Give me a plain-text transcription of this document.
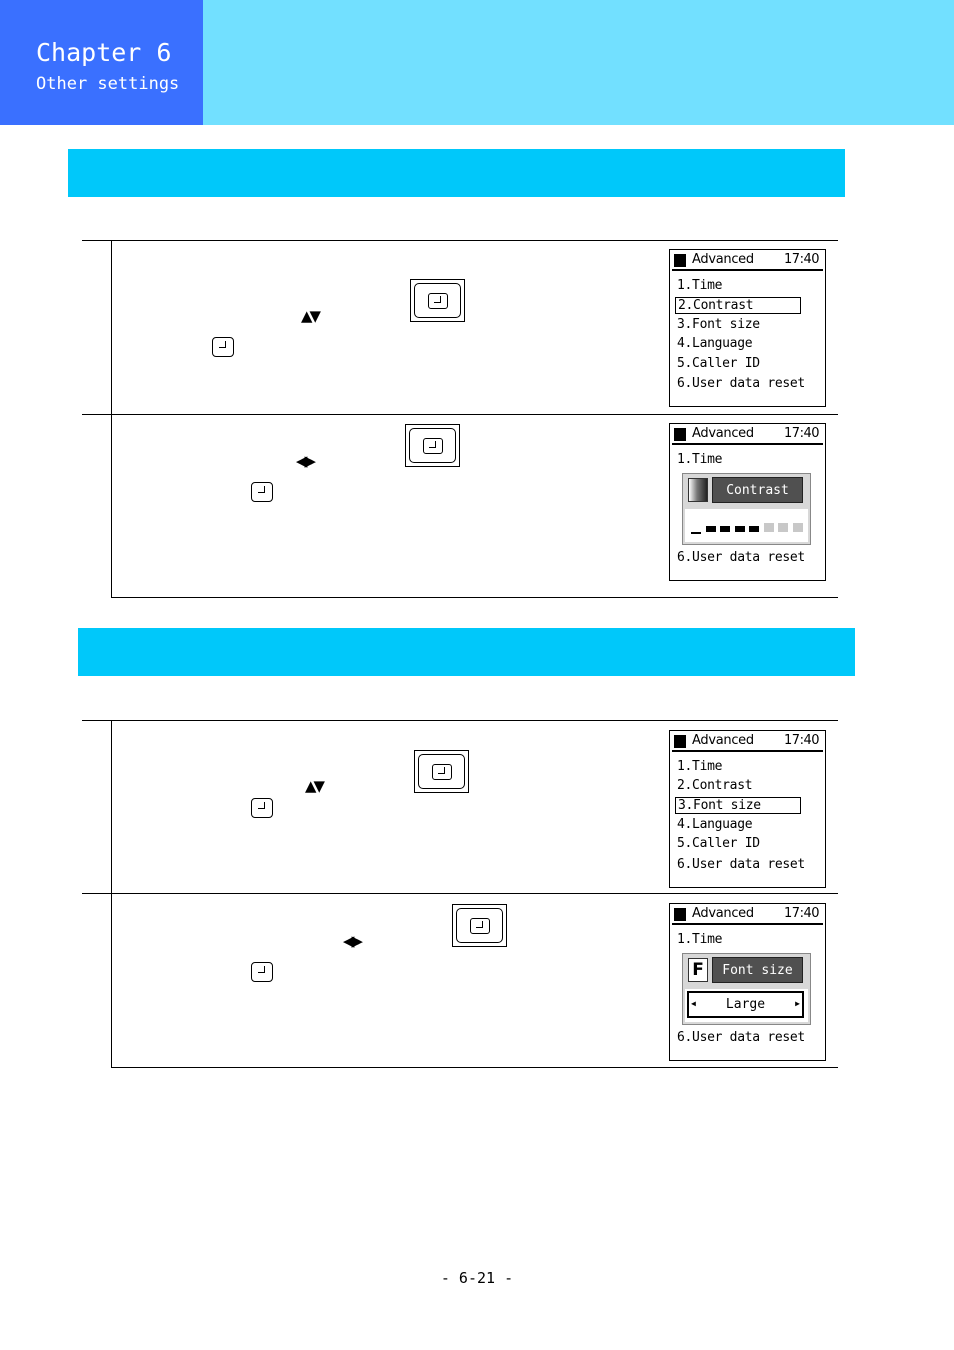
Chapter 6
Other settings
▲▼
Advanced 17:40
1.Time
2.Contrast
3.Font size
4.Language
5.Caller ID
6.User data reset
◀▶
Advanced 17:40
1.Time
6.User data reset
Contrast
▲▼
Advanced 17:40
1.Time
2.Contrast
3.Font size
4.Language
5.Caller ID
6.User data reset
◀▶
Advanced 17:40
1.Time
6.User data reset
F	Font size
◀	Large	▶
- 6-21 -
